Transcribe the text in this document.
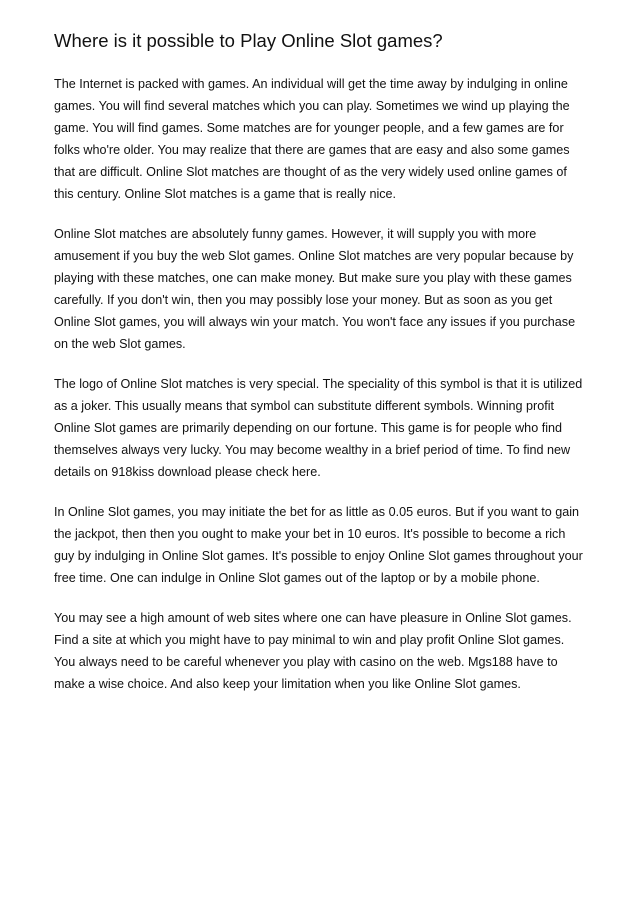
Where is it possible to Play Online Slot games?

The Internet is packed with games. An individual will get the time away by indulging in online games. You will find several matches which you can play. Sometimes we wind up playing the game. You will find games. Some matches are for younger people, and a few games are for folks who're older. You may realize that there are games that are easy and also some games that are difficult. Online Slot matches are thought of as the very widely used online games of this century. Online Slot matches is a game that is really nice.

Online Slot matches are absolutely funny games. However, it will supply you with more amusement if you buy the web Slot games. Online Slot matches are very popular because by playing with these matches, one can make money. But make sure you play with these games carefully. If you don't win, then you may possibly lose your money. But as soon as you get Online Slot games, you will always win your match. You won't face any issues if you purchase on the web Slot games.

The logo of Online Slot matches is very special. The speciality of this symbol is that it is utilized as a joker. This usually means that symbol can substitute different symbols. Winning profit Online Slot games are primarily depending on our fortune. This game is for people who find themselves always very lucky. You may become wealthy in a brief period of time. To find new details on 918kiss download please check here.

In Online Slot games, you may initiate the bet for as little as 0.05 euros. But if you want to gain the jackpot, then then you ought to make your bet in 10 euros. It's possible to become a rich guy by indulging in Online Slot games. It's possible to enjoy Online Slot games throughout your free time. One can indulge in Online Slot games out of the laptop or by a mobile phone.

You may see a high amount of web sites where one can have pleasure in Online Slot games. Find a site at which you might have to pay minimal to win and play profit Online Slot games. You always need to be careful whenever you play with casino on the web. Mgs188 have to make a wise choice. And also keep your limitation when you like Online Slot games.
